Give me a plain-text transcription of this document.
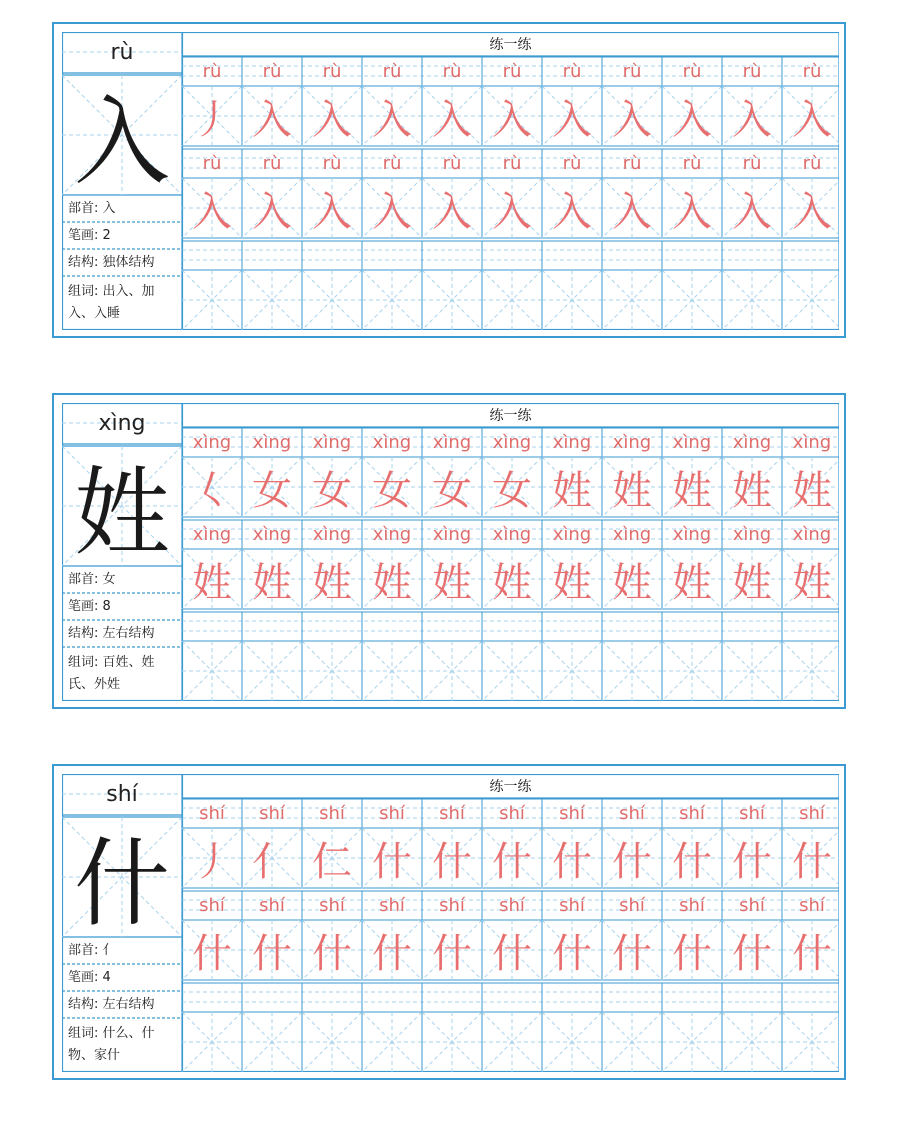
rù
入
部首: 入
笔画: 2
结构: 独体结构
组词: 出入、加
入、入睡
练一练
rù
丿
rù
入
rù
入
rù
入
rù
入
rù
入
rù
入
rù
入
rù
入
rù
入
rù
入
rù
入
rù
入
rù
入
rù
入
rù
入
rù
入
rù
入
rù
入
rù
入
rù
入
rù
入
xìng
姓
部首: 女
笔画: 8
结构: 左右结构
组词: 百姓、姓
氏、外姓
练一练
xìng
𡿨
xìng
女
xìng
女
xìng
女
xìng
女
xìng
女
xìng
姓
xìng
姓
xìng
姓
xìng
姓
xìng
姓
xìng
姓
xìng
姓
xìng
姓
xìng
姓
xìng
姓
xìng
姓
xìng
姓
xìng
姓
xìng
姓
xìng
姓
xìng
姓
shí
什
部首: 亻
笔画: 4
结构: 左右结构
组词: 什么、什
物、家什
练一练
shí
丿
shí
亻
shí
仁
shí
什
shí
什
shí
什
shí
什
shí
什
shí
什
shí
什
shí
什
shí
什
shí
什
shí
什
shí
什
shí
什
shí
什
shí
什
shí
什
shí
什
shí
什
shí
什
